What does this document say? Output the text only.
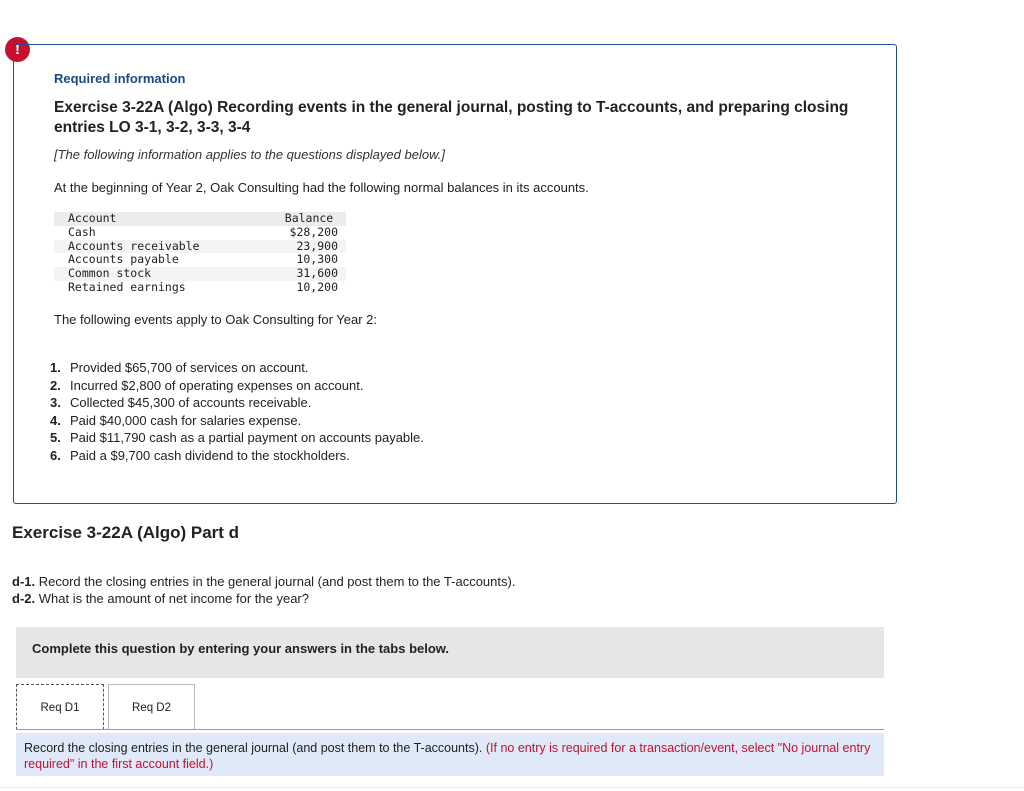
!
Required information
Exercise 3-22A (Algo) Recording events in the general journal, posting to T-accounts, and preparing closing entries LO 3-1, 3-2, 3-3, 3-4
[The following information applies to the questions displayed below.]
At the beginning of Year 2, Oak Consulting had the following normal balances in its accounts.
Account	Balance
Cash	$28,200
Accounts receivable	23,900
Accounts payable	10,300
Common stock	31,600
Retained earnings	10,200
The following events apply to Oak Consulting for Year 2:
1. Provided $65,700 of services on account.
2. Incurred $2,800 of operating expenses on account.
3. Collected $45,300 of accounts receivable.
4. Paid $40,000 cash for salaries expense.
5. Paid $11,790 cash as a partial payment on accounts payable.
6. Paid a $9,700 cash dividend to the stockholders.
Exercise 3-22A (Algo) Part d
d-1. Record the closing entries in the general journal (and post them to the T-accounts).
d-2. What is the amount of net income for the year?
Complete this question by entering your answers in the tabs below.
Req D1	Req D2
Record the closing entries in the general journal (and post them to the T-accounts). (If no entry is required for a transaction/event, select "No journal entry required" in the first account field.)
